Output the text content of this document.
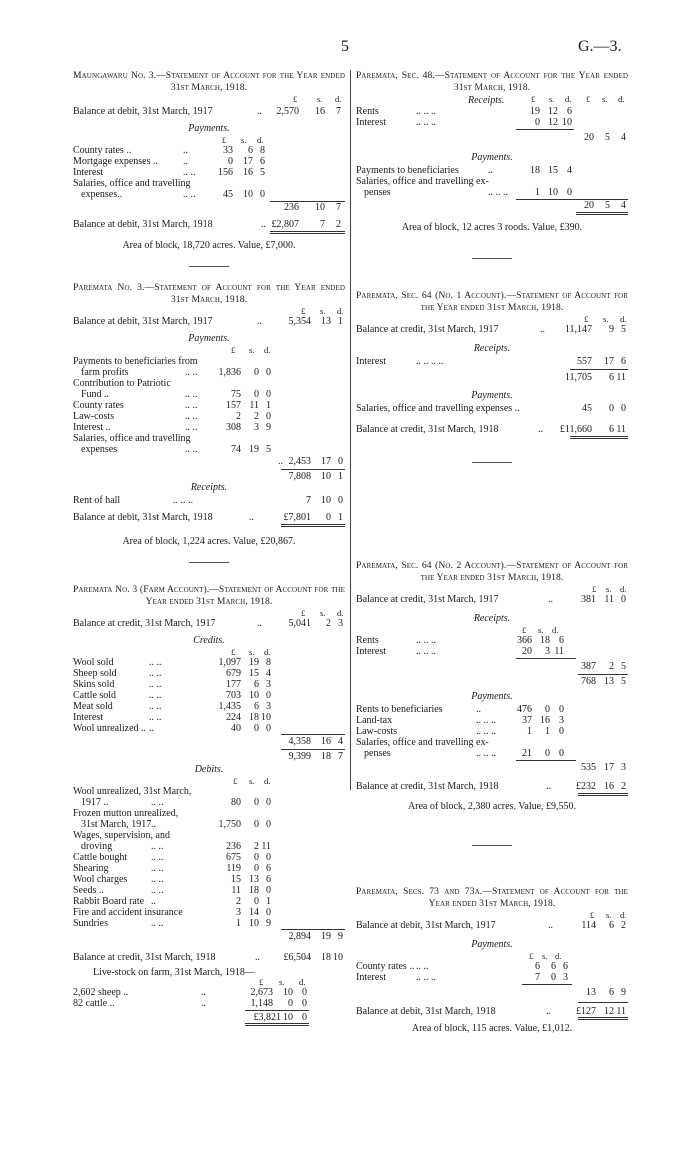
5	G.—3.
Maungawaru No. 3.—Statement of Account for the Year ended 31st March, 1918.
£ s. d.
Balance at debit, 31st March, 1917	.. 2,570 16 7
Payments.
£ s. d.
County rates ..	..	33 6 8
Mortgage expenses ..	..	0 17 6
Interest	.. .. 156 16 5
Salaries, office and travelling
expenses..	.. ..	45 10 0
236 10 7
Balance at debit, 31st March, 1918	.. £2,807 7 2
Area of block, 18,720 acres. Value, £7,000.
Paremata No. 3.—Statement of Account for the Year ended 31st March, 1918.
£ s. d.
Balance at debit, 31st March, 1917	..	5,354 13 1
Payments.
£ s. d.
Payments to beneficiaries from
farm profits	.. .. 1,836 0 0
Contribution to Patriotic
Fund ..	.. ..	75 0 0
County rates	.. ..	157 11 1
Law-costs	.. ..	2 2 0
Interest ..	.. ..	308 3 9
Salaries, office and travelling
expenses	.. ..	74 19 5
.. 2,453 17 0
7,808 10 1
Receipts.
Rent of hall	.. .. ..	7 10 0
Balance at debit, 31st March, 1918	..	£7,801 0 1
Area of block, 1,224 acres. Value, £20,867.
Paremata No. 3 (Farm Account).—Statement of Account for the Year ended 31st March, 1918.
£ s. d.
Balance at credit, 31st March, 1917	..	5,041 2 3
Credits.
£ s. d.
Wool sold	.. ..	1,097 19 8
Sheep sold	.. ..	679 15 4
Skins sold	.. ..	177 6 3
Cattle sold	.. ..	703 10 0
Meat sold	.. ..	1,435 6 3
Interest	.. ..	224 18 10
Wool unrealized .. ..	40 0 0
4,358 16 4
9,399 18 7
Debits.
£ s. d.
Wool unrealized, 31st March,
1917 ..	.. ..	80 0 0
Frozen mutton unrealized,
31st March, 1917 ..	1,750 0 0
Wages, supervision, and
droving	.. ..	236 2 11
Cattle bought .. ..	675 0 0
Shearing	.. ..	119 0 6
Wool charges .. ..	15 13 6
Seeds ..	.. ..	11 18 0
Rabbit Board rate ..	2 0 1
Fire and accident insurance	3 14 0
Sundries	.. ..	1 10 9
2,894 19 9
Balance at credit, 31st March, 1918	.. £6,504 18 10
Live-stock on farm, 31st March, 1918—
£ s. d.
2,602 sheep ..	..	2,673 10 0
82 cattle ..	..	1,148 0 0
£3,821 10 0
Paremata, Sec. 48.—Statement of Account for the Year ended 31st March, 1918.
Receipts.	£ s. d. £ s. d.
Rents	.. .. ..	19 12 6
Interest	.. .. ..	0 12 10
20 5 4
Payments.
Payments to beneficiaries	..	18 15 4
Salaries, office and travelling ex-
penses	.. .. ..	1 10 0
20 5 4
Area of block, 12 acres 3 roods. Value, £390.
Paremata, Sec. 64 (No. 1 Account).—Statement of Account for the Year ended 31st March, 1918.
£ s. d.
Balance at credit, 31st March, 1917	.. 11,147 9 5
Receipts.
Interest	.. .. .. ..	557 17 6
11,705 6 11
Payments.
Salaries, office and travelling expenses ..	45 0 0
Balance at credit, 31st March, 1918	.. £11,660 6 11
Paremata, Sec. 64 (No. 2 Account).—Statement of Account for the Year ended 31st March, 1918.
£ s. d.
Balance at credit, 31st March, 1917	..	381 11 0
Receipts.
£ s. d.
Rents	.. .. ..	366 18 6
Interest	.. .. ..	20 3 11
387 2 5
768 13 5
Payments.
Rents to beneficiaries	..	476 0 0
Land-tax	.. .. ..	37 16 3
Law-costs	.. .. ..	1 1 0
Salaries, office and travelling ex-
penses	.. .. ..	21 0 0
535 17 3
Balance at credit, 31st March, 1918	..	£232 16 2
Area of block, 2,380 acres. Value, £9,550.
Paremata, Secs. 73 and 73a.—Statement of Account for the Year ended 31st March, 1918.
£ s. d.
Balance at debit, 31st March, 1917	..	114 6 2
Payments.
£ s. d.
County rates .. .. ..	6 6 6
Interest	.. .. ..	7 0 3
13 6 9
Balance at debit, 31st March, 1918	..	£127 12 11
Area of block, 115 acres. Value, £1,012.
